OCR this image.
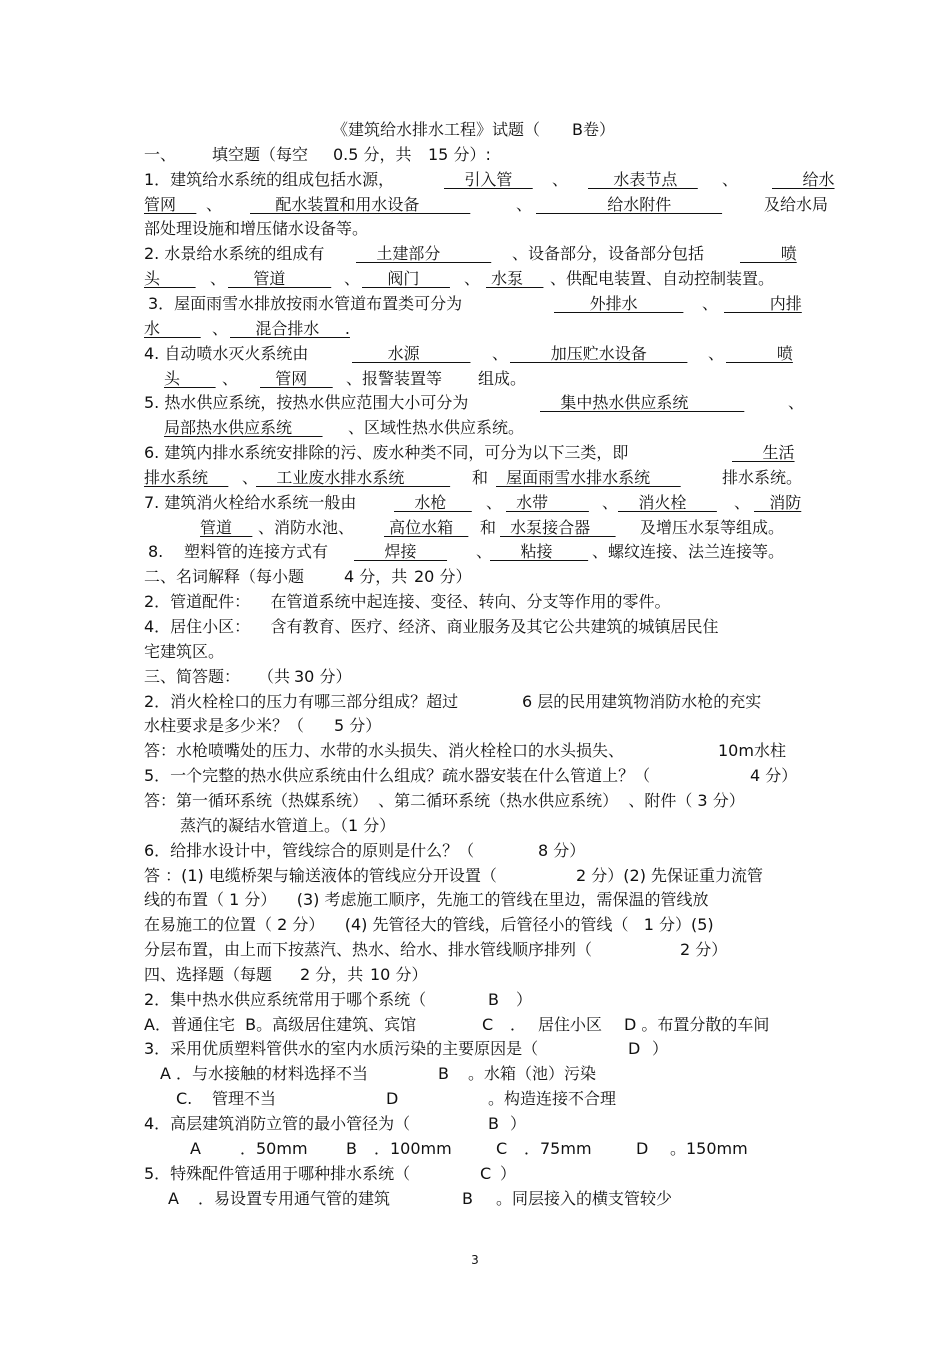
《建筑给水排水工程》试题（ B卷）
一、 填空题（每空 0.5 分，共 15 分）:
1．建筑给水系统的组成包括水源，	引入管 、 水表节点 、 给水
管网 、 配水装置和用水设备	、 给水附件	及给水局
部处理设施和增压储水设备等。
2. 水景给水系统的组成有 土建部分 、设备部分，设备部分包括 喷
头 、 管道 、 阀门 、 水泵 、供配电装置、自动控制装置。
3．屋面雨雪水排放按雨水管道布置类可分为	外排水 、 内排
水 、 混合排水     .
4. 自动喷水灭火系统由	水源 、 加压贮水设备 、 喷
头 、 管网 、报警装置等 组成。
5. 热水供应系统，按热水供应范围大小可分为	集中热水供应系统	、
局部热水供应系统 、区域性热水供应系统。
6. 建筑内排水系统安排除的污、废水种类不同，可分为以下三类，即	生活
排水系统 、
工业废水排水系统 和 屋面雨雪水排水系统	排水系统。
7. 建筑消火栓给水系统一般由 水枪 、 水带 、 消火栓 、 消防
管道 、消防水池、 高位水箱 和 水泵接合器 及增压水泵等组成。
8. 塑料管的连接方式有 焊接 、
粘接 、螺纹连接、法兰连接等。
二、名词解释（每小题 4 分，共 20 分）
2．管道配件：    在管道系统中起连接、变径、转向、分支等作用的零件。
4．居住小区：    含有教育、医疗、经济、商业服务及其它公共建筑的城镇居民住
宅建筑区。
三、简答题： （共 30 分）
2．消火栓栓口的压力有哪三部分组成？超过	6 层的民用建筑物消防水枪的充实
水柱要求是多少米？（ 5 分）
答：水枪喷嘴处的压力、水带的水头损失、消火栓栓口的水头损失、	10m水柱
5．一个完整的热水供应系统由什么组成？疏水器安装在什么管道上？（	4 分）
答：第一循环系统（热媒系统）  、第二循环系统（热水供应系统）  、附件（ 3 分）
蒸汽的凝结水管道上。（1 分）
6．给排水设计中，管线综合的原则是什么？（	8 分）
答 ：(1) 电缆桥架与输送液体的管线应分开设置（	2 分）(2) 先保证重力流管
线的布置（ 1 分）    (3) 考虑施工顺序，先施工的管线在里边，需保温的管线放
在易施工的位置（ 2 分）    (4) 先管径大的管线，后管径小的管线（   1 分）(5)
分层布置，由上而下按蒸汽、热水、给水、排水管线顺序排列（	2 分）
四、选择题（每题 2 分，共 10 分）
2．集中热水供应系统常用于哪个系统（	B ）
A．普通住宅  B。高级居住建筑、宾馆	C ． 居住小区 D 。布置分散的车间
3．采用优质塑料管供水的室内水质污染的主要原因是（	D ）
A ．与水接触的材料选择不当	B 。水箱（池）污染
C. 管理不当	D	。构造连接不合理
4．高层建筑消防立管的最小管径为（	B ）
A ．50mm B ．100mm	C ．75mm	D 。150mm
5．特殊配件管适用于哪种排水系统（	C ）
A ．易设置专用通气管的建筑	B 。同层接入的横支管较少
3
